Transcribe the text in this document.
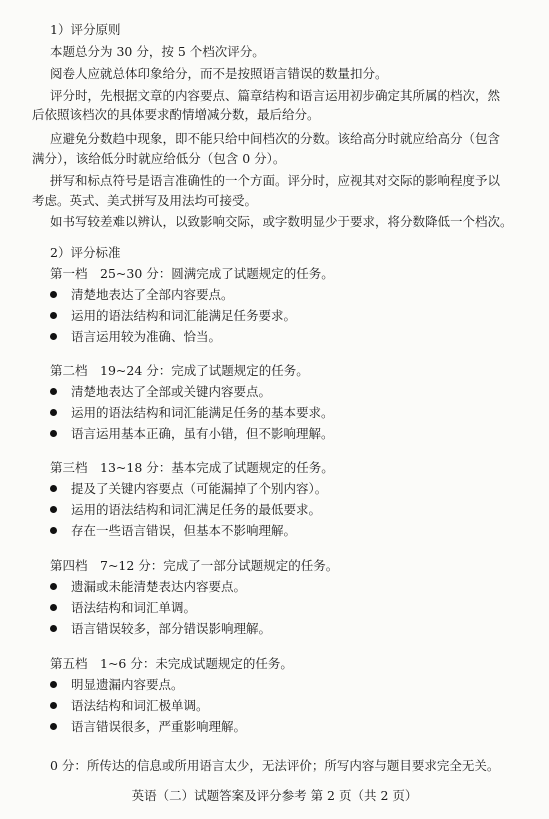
1）评分原则
本题总分为 30 分，按 5 个档次评分。
阅卷人应就总体印象给分，而不是按照语言错误的数量扣分。
评分时，先根据文章的内容要点、篇章结构和语言运用初步确定其所属的档次，然
后依照该档次的具体要求酌情增减分数，最后给分。
应避免分数趋中现象，即不能只给中间档次的分数。该给高分时就应给高分（包含
满分），该给低分时就应给低分（包含 0 分）。
拼写和标点符号是语言准确性的一个方面。评分时，应视其对交际的影响程度予以
考虑。英式、美式拼写及用法均可接受。
如书写较差难以辨认，以致影响交际，或字数明显少于要求，将分数降低一个档次。
2）评分标准
第一档　25~30 分：圆满完成了试题规定的任务。
清楚地表达了全部内容要点。
运用的语法结构和词汇能满足任务要求。
语言运用较为准确、恰当。
第二档　19~24 分：完成了试题规定的任务。
清楚地表达了全部或关键内容要点。
运用的语法结构和词汇能满足任务的基本要求。
语言运用基本正确，虽有小错，但不影响理解。
第三档　13~18 分：基本完成了试题规定的任务。
提及了关键内容要点（可能漏掉了个别内容）。
运用的语法结构和词汇满足任务的最低要求。
存在一些语言错误，但基本不影响理解。
第四档　7~12 分：完成了一部分试题规定的任务。
遗漏或未能清楚表达内容要点。
语法结构和词汇单调。
语言错误较多，部分错误影响理解。
第五档　1~6 分：未完成试题规定的任务。
明显遗漏内容要点。
语法结构和词汇极单调。
语言错误很多，严重影响理解。
0 分：所传达的信息或所用语言太少，无法评价；所写内容与题目要求完全无关。
英语（二）试题答案及评分参考 第 2 页（共 2 页）
